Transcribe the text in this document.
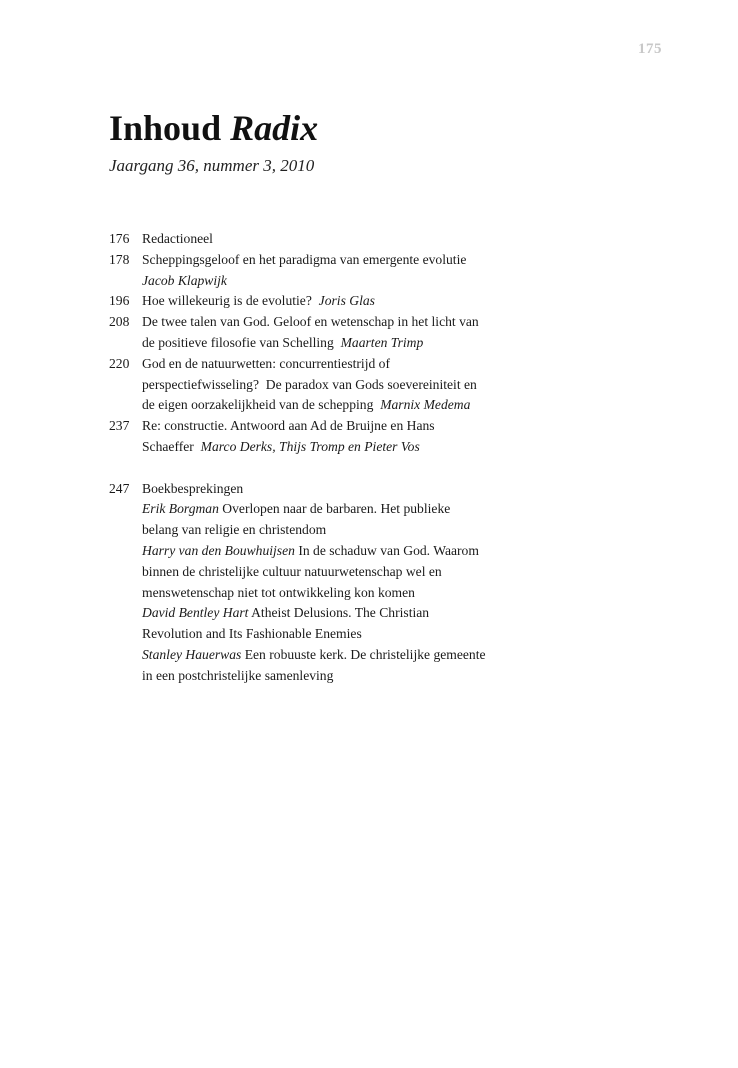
175
Inhoud Radix
Jaargang 36, nummer 3, 2010
176 Redactioneel
178 Scheppingsgeloof en het paradigma van emergente evolutie
Jacob Klapwijk
196 Hoe willekeurig is de evolutie?  Joris Glas
208 De twee talen van God. Geloof en wetenschap in het licht van
de positieve filosofie van Schelling  Maarten Trimp
220 God en de natuurwetten: concurrentiestrijd of
perspectiefwisseling?  De paradox van Gods soevereiniteit en
de eigen oorzakelijkheid van de schepping  Marnix Medema
237 Re: constructie. Antwoord aan Ad de Bruijne en Hans
Schaeffer  Marco Derks, Thijs Tromp en Pieter Vos
247 Boekbesprekingen
Erik Borgman Overlopen naar de barbaren. Het publieke
belang van religie en christendom
Harry van den Bouwhuijsen In de schaduw van God. Waarom
binnen de christelijke cultuur natuurwetenschap wel en
menswetenschap niet tot ontwikkeling kon komen
David Bentley Hart Atheist Delusions. The Christian
Revolution and Its Fashionable Enemies
Stanley Hauerwas Een robuuste kerk. De christelijke gemeente
in een postchristelijke samenleving
